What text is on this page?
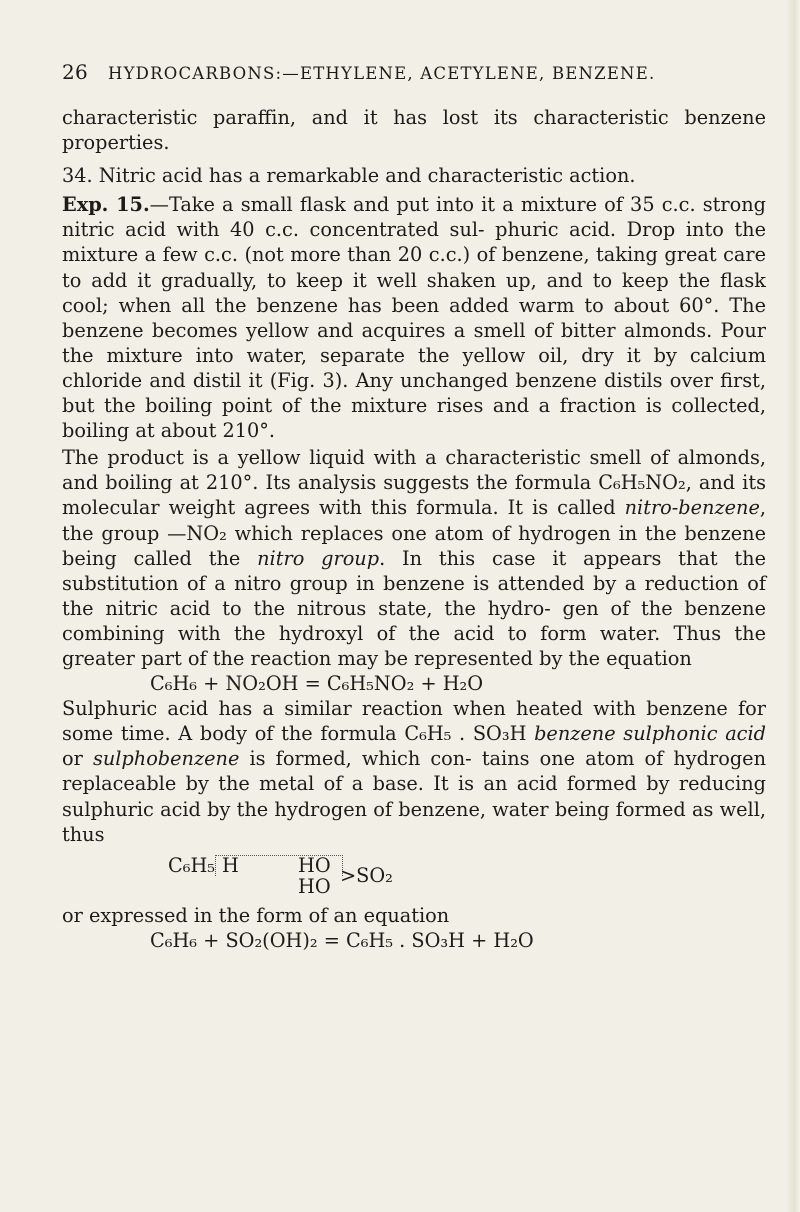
26 HYDROCARBONS:—ETHYLENE, ACETYLENE, BENZENE.

characteristic paraffin, and it has lost its characteristic benzene properties.

34. Nitric acid has a remarkable and characteristic action.

Exp. 15.—Take a small flask and put into it a mixture of 35 c.c. strong nitric acid with 40 c.c. concentrated sul- phuric acid. Drop into the mixture a few c.c. (not more than 20 c.c.) of benzene, taking great care to add it gradually, to keep it well shaken up, and to keep the flask cool; when all the benzene has been added warm to about 60°. The benzene becomes yellow and acquires a smell of bitter almonds. Pour the mixture into water, separate the yellow oil, dry it by calcium chloride and distil it (Fig. 3). Any unchanged benzene distils over first, but the boiling point of the mixture rises and a fraction is collected, boiling at about 210°.

The product is a yellow liquid with a characteristic smell of almonds, and boiling at 210°. Its analysis suggests the formula C₆H₅NO₂, and its molecular weight agrees with this formula. It is called nitro-benzene, the group —NO₂ which replaces one atom of hydrogen in the benzene being called the nitro group. In this case it appears that the substitution of a nitro group in benzene is attended by a reduction of the nitric acid to the nitrous state, the hydro- gen of the benzene combining with the hydroxyl of the acid to form water. Thus the greater part of the reaction may be represented by the equation

C₆H₆ + NO₂OH = C₆H₅NO₂ + H₂O

Sulphuric acid has a similar reaction when heated with benzene for some time. A body of the formula C₆H₅ . SO₃H benzene sulphonic acid or sulphobenzene is formed, which con- tains one atom of hydrogen replaceable by the metal of a base. It is an acid formed by reducing sulphuric acid by the hydrogen of benzene, water being formed as well, thus

C₆H₅ H	HO
HO >SO₂

or expressed in the form of an equation

C₆H₆ + SO₂(OH)₂ = C₆H₅ . SO₃H + H₂O
